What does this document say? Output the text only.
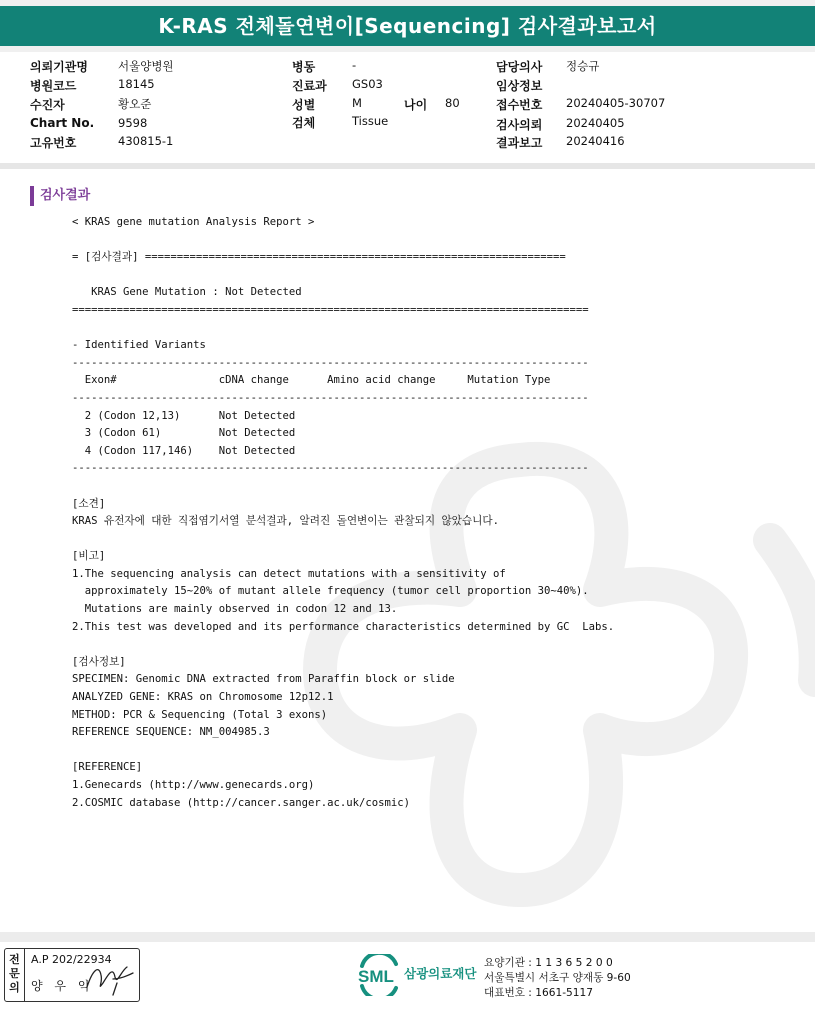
K-RAS 전체돌연변이[Sequencing] 검사결과보고서
의뢰기관명	서울양병원
병원코드	18145
수진자	황오준
Chart No. 9598
고유번호	430815-1
병동	-
진료과 GS03
성별	M	나이 80
검체	Tissue
담당의사 정승규
임상정보
접수번호 20240405-30707
검사의뢰 20240405
결과보고 20240416
검사결과
< KRAS gene mutation Analysis Report >
= [검사결과] ==================================================================
KRAS Gene Mutation : Not Detected
=================================================================================
- Identified Variants
---------------------------------------------------------------------------------
Exon#                cDNA change      Amino acid change     Mutation Type
---------------------------------------------------------------------------------
2 (Codon 12,13)      Not Detected
3 (Codon 61)         Not Detected
4 (Codon 117,146)    Not Detected
---------------------------------------------------------------------------------
[소견]
KRAS 유전자에 대한 직접염기서열 분석결과, 알려진 돌연변이는 관찰되지 않았습니다.
[비고]
1.The sequencing analysis can detect mutations with a sensitivity of
approximately 15~20% of mutant allele frequency (tumor cell proportion 30~40%).
Mutations are mainly observed in codon 12 and 13.
2.This test was developed and its performance characteristics determined by GC  Labs.
[검사정보]
SPECIMEN: Genomic DNA extracted from Paraffin block or slide
ANALYZED GENE: KRAS on Chromosome 12p12.1
METHOD: PCR & Sequencing (Total 3 exons)
REFERENCE SEQUENCE: NM_004985.3
[REFERENCE]
1.Genecards (http://www.genecards.org)
2.COSMIC database (http://cancer.sanger.ac.uk/cosmic)
전
문
의
A.P 202/22934
양 우 익	SML 삼광의료재단
요양기관 : 1 1 3 6 5 2 0 0
서울특별시 서초구 양재동 9-60
대표번호 : 1661-5117
